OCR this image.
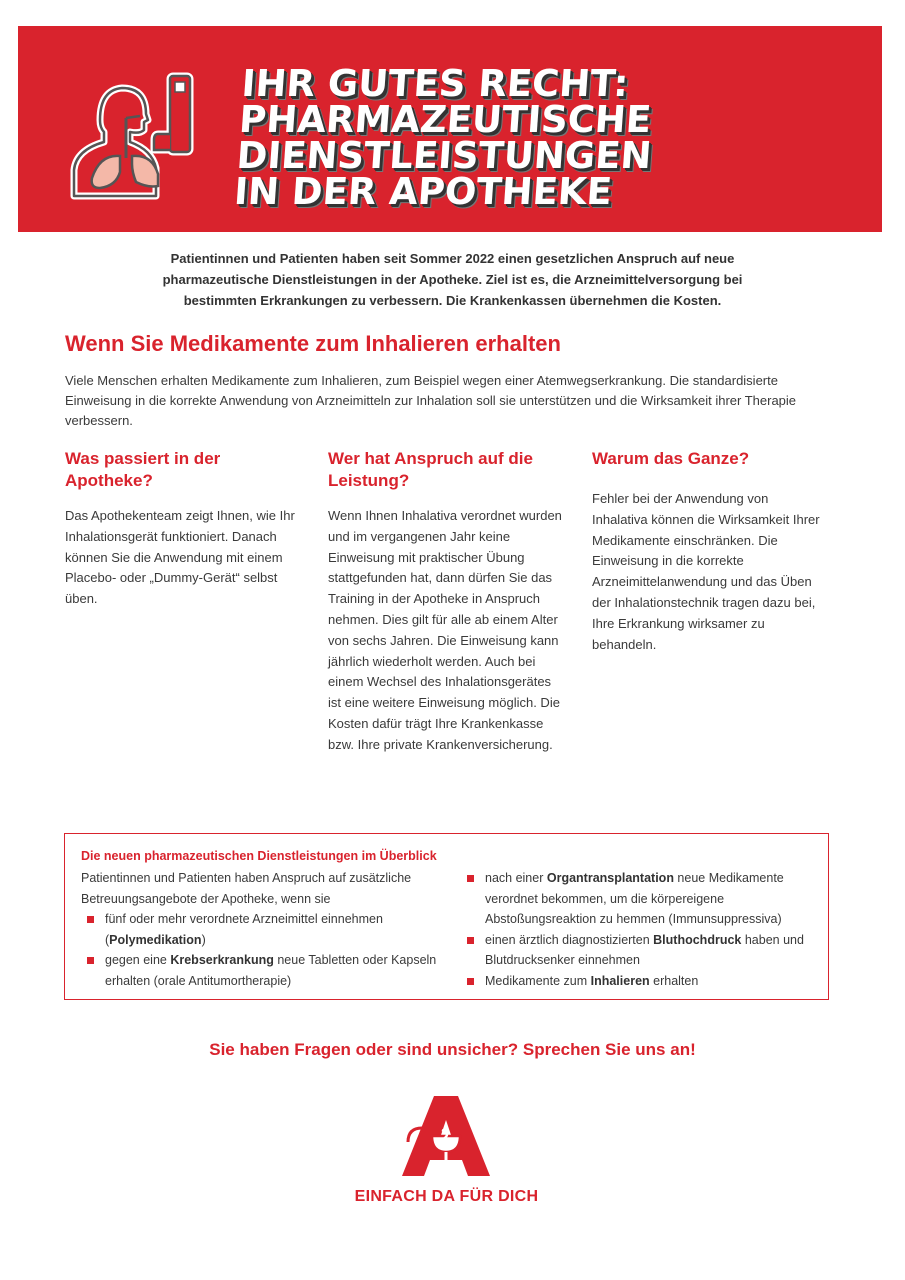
IHR GUTES RECHT:
PHARMAZEUTISCHE
DIENSTLEISTUNGEN
IN DER APOTHEKE
Patientinnen und Patienten haben seit Sommer 2022 einen gesetzlichen Anspruch auf neue pharmazeutische Dienstleistungen in der Apotheke. Ziel ist es, die Arzneimittelversorgung bei bestimmten Erkrankungen zu verbessern. Die Krankenkassen übernehmen die Kosten.
Wenn Sie Medikamente zum Inhalieren erhalten
Viele Menschen erhalten Medikamente zum Inhalieren, zum Beispiel wegen einer Atemwegserkrankung. Die standardisierte Einweisung in die korrekte Anwendung von Arzneimitteln zur Inhalation soll sie unterstützen und die Wirksamkeit ihrer Therapie verbessern.
Was passiert in der Apotheke?

Das Apothekenteam zeigt Ihnen, wie Ihr Inhalationsgerät funktioniert. Danach können Sie die Anwendung mit einem Placebo- oder „Dummy-Gerät“ selbst üben.

Wer hat Anspruch auf die Leistung?

Wenn Ihnen Inhalativa verordnet wurden und im vergangenen Jahr keine Einweisung mit praktischer Übung stattgefunden hat, dann dürfen Sie das Training in der Apotheke in Anspruch nehmen. Dies gilt für alle ab einem Alter von sechs Jahren. Die Einweisung kann jährlich wiederholt werden. Auch bei einem Wechsel des Inhalationsgerätes ist eine weitere Einweisung möglich. Die Kosten dafür trägt Ihre Krankenkasse bzw. Ihre private Krankenversicherung.

Warum das Ganze?

Fehler bei der Anwendung von Inhalativa können die Wirksamkeit Ihrer Medikamente einschränken. Die Einweisung in die korrekte Arzneimittelanwendung und das Üben der Inhalationstechnik tragen dazu bei, Ihre Erkrankung wirksamer zu behandeln.

Die neuen pharmazeutischen Dienstleistungen im Überblick
Patientinnen und Patienten haben Anspruch auf zusätzliche Betreuungsangebote der Apotheke, wenn sie
fünf oder mehr verordnete Arzneimittel einnehmen (Polymedikation)
gegen eine Krebserkrankung neue Tabletten oder Kapseln erhalten (orale Antitumortherapie)
nach einer Organtransplantation neue Medikamente verordnet bekommen, um die körpereigene Abstoßungsreaktion zu hemmen (Immunsuppressiva)
einen ärztlich diagnostizierten Bluthochdruck haben und Blutdrucksenker einnehmen
Medikamente zum Inhalieren erhalten
Sie haben Fragen oder sind unsicher? Sprechen Sie uns an!
EINFACH DA FÜR DICH
